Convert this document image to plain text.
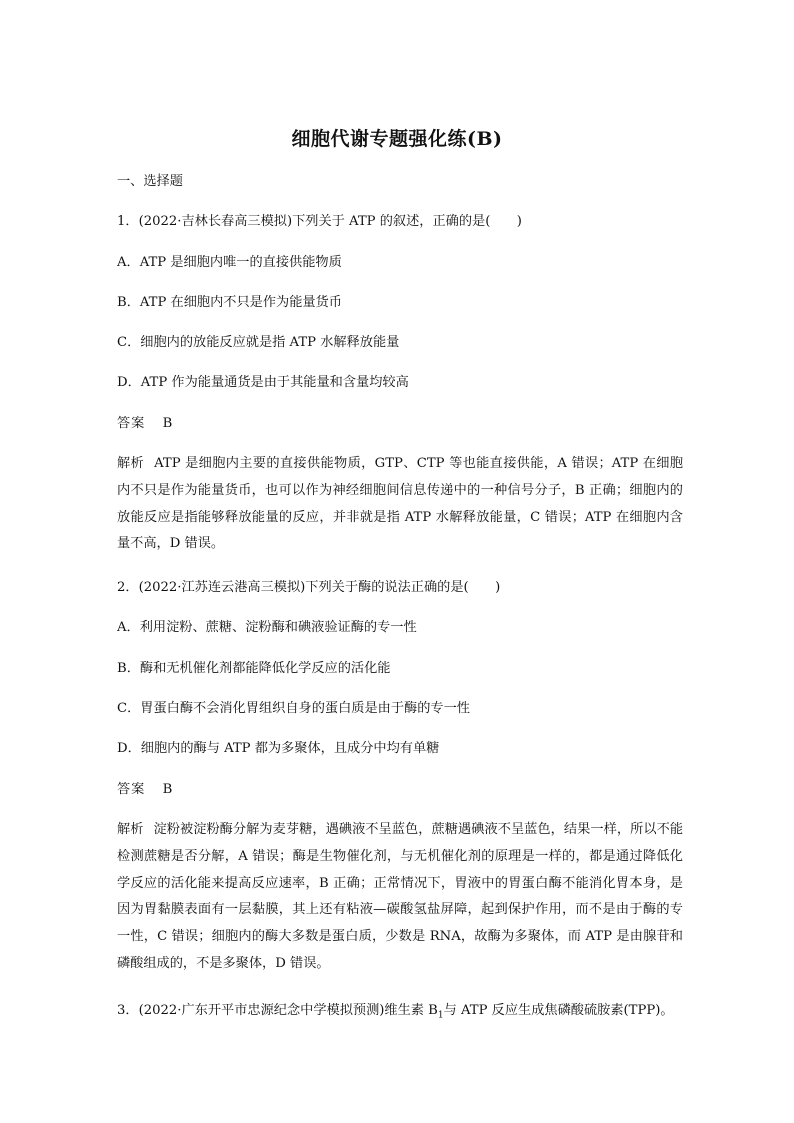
细胞代谢专题强化练(B)
一、选择题
1．(2022·吉林长春高三模拟)下列关于 ATP 的叙述，正确的是(　　)
A．ATP 是细胞内唯一的直接供能物质
B．ATP 在细胞内不只是作为能量货币
C．细胞内的放能反应就是指 ATP 水解释放能量
D．ATP 作为能量通货是由于其能量和含量均较高
答案 B
解析 ATP 是细胞内主要的直接供能物质，GTP、CTP 等也能直接供能，A 错误；ATP 在细胞内不只是作为能量货币，也可以作为神经细胞间信息传递中的一种信号分子，B 正确；细胞内的放能反应是指能够释放能量的反应，并非就是指 ATP 水解释放能量，C 错误；ATP 在细胞内含量不高，D 错误。
2．(2022·江苏连云港高三模拟)下列关于酶的说法正确的是(　　)
A．利用淀粉、蔗糖、淀粉酶和碘液验证酶的专一性
B．酶和无机催化剂都能降低化学反应的活化能
C．胃蛋白酶不会消化胃组织自身的蛋白质是由于酶的专一性
D．细胞内的酶与 ATP 都为多聚体，且成分中均有单糖
答案 B
解析 淀粉被淀粉酶分解为麦芽糖，遇碘液不呈蓝色，蔗糖遇碘液不呈蓝色，结果一样，所以不能检测蔗糖是否分解，A 错误；酶是生物催化剂，与无机催化剂的原理是一样的，都是通过降低化学反应的活化能来提高反应速率，B 正确；正常情况下，胃液中的胃蛋白酶不能消化胃本身，是因为胃黏膜表面有一层黏膜，其上还有粘液—碳酸氢盐屏障，起到保护作用，而不是由于酶的专一性，C 错误；细胞内的酶大多数是蛋白质，少数是 RNA，故酶为多聚体，而 ATP 是由腺苷和磷酸组成的，不是多聚体，D 错误。
3．(2022·广东开平市忠源纪念中学模拟预测)维生素 $B_1$与 ATP 反应生成焦磷酸硫胺素(TPP)。
